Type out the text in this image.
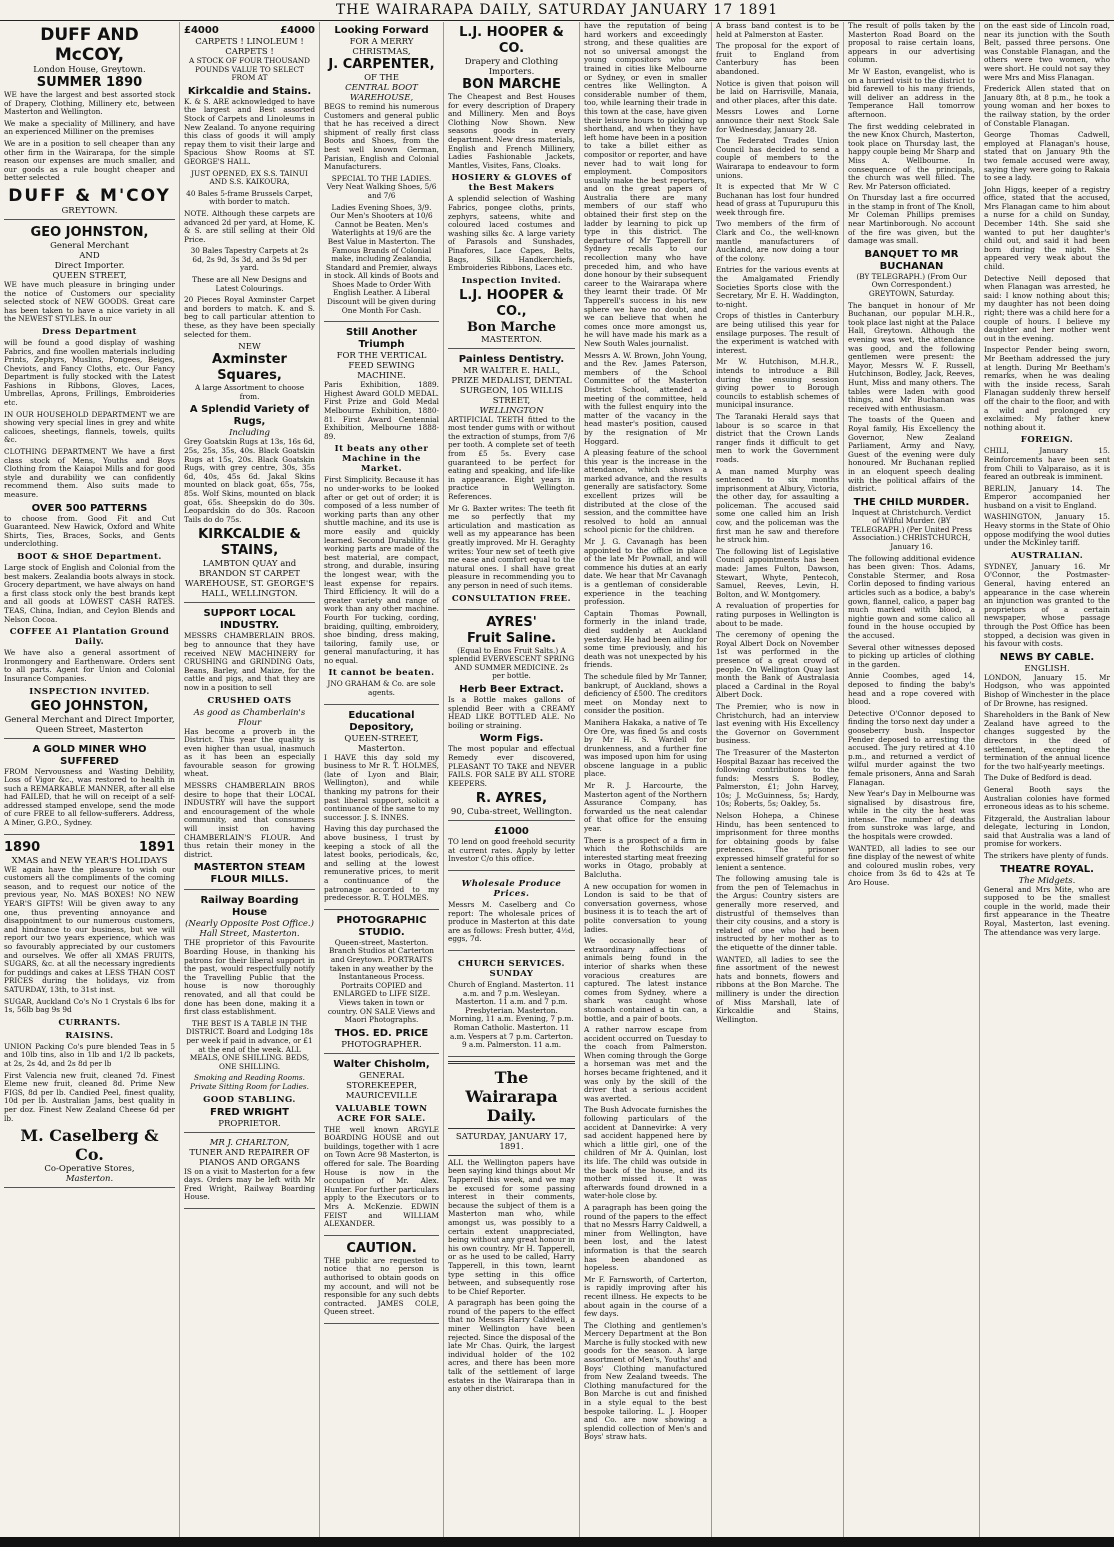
THE WAIRARAPA DAILY, SATURDAY JANUARY 17 1891
DUFF AND McCOY,
London House, Greytown.
SUMMER 1890

WE have the largest and best assorted stock of Drapery, Clothing, Millinery etc, between Masterton and Wellington.

We make a speciality of Millinery, and have an experienced Milliner on the premises

We are in a position to sell cheaper than any other firm in the Wairarapa, for the simple reason our expenses are much smaller, and our goods as a rule bought cheaper and better selected

DUFF & M'COY
GREYTOWN.
GEO JOHNSTON,
General Merchant
AND
Direct Importer.
QUEEN STREET,

WE have much pleasure in bringing under the notice of Customers our speciality selected stock of NEW GOODS. Great care has been taken to have a nice variety in all the NEWEST STYLES. In our

Dress Department

will be found a good display of washing Fabrics, and fine woollen materials including Prints, Zephyrs, Muslins, Pongees, Beiges, Cheviots, and Fancy Cloths, etc. Our Fancy Department is fully stocked with the Latest Fashions in Ribbons, Gloves, Laces, Umbrellas, Aprons, Frillings, Embroideries etc.

IN OUR HOUSEHOLD DEPARTMENT we are showing very special lines in grey and white calicoes, sheetings, flannels, towels, quilts &c.

CLOTHING DEPARTMENT We have a first class stock of Mens, Youths and Boys Clothing from the Kaiapoi Mills and for good style and durability we can confidently recommend them. Also suits made to measure.

OVER 500 PATTERNS

to choose from. Good Fit and Cut Guaranteed. New Hawick, Oxford and White Shirts, Ties, Braces, Socks, and Gents underclothing.

BOOT & SHOE Department.

Large stock of English and Colonial from the best makers. Zealandia boots always in stock. Grocery department, we have always on hand a first class stock only the best brands kept and all goods at LOWEST CASH RATES. TEAS, China, Indian, and Ceylon Blends and Nelson Cocoa.

COFFEE A1 Plantation Ground Daily.

We have also a general assortment of Ironmongery and Earthenware. Orders sent to all parts. Agent for Union and Colonial Insurance Companies.

INSPECTION INVITED.
GEO JOHNSTON,
General Merchant and Direct Importer,
Queen Street, Masterton
A GOLD MINER WHO SUFFERED

FROM Nervousness and Wasting Debility, Loss of Vigor &c., was restored to health in such a REMARKABLE MANNER, after all else had FAILED, that he will on receipt of a self-addressed stamped envelope, send the mode of cure FREE to all fellow-sufferers. Address, A Miner, G.P.O., Sydney.

1890	1891
XMAS and NEW YEAR'S HOLIDAYS

WE again have the pleasure to wish our customers all the compliments of the coming season, and to request our notice of the previous year, No. MAS BOXES! NO NEW YEAR'S GIFTS! Will be given away to any one, thus preventing annoyance and disappointment to our numerous customers, and hindrance to our business, but we will report our two years experience, which was so favourably appreciated by our customers and ourselves. We offer all XMAS FRUITS, SUGARS, &c. at all the necessary ingredients for puddings and cakes at LESS THAN COST PRICES during the holidays, viz from SATURDAY, 13th, to 31st inst.

SUGAR, Auckland Co's No 1 Crystals 6 lbs for 1s, 56lb bag 9s 9d

CURRANTS.
RAISINS.

UNION Packing Co's pure blended Teas in 5 and 10lb tins, also in 1lb and 1/2 lb packets, at 2s, 2s 4d, and 2s 8d per lb

First Valencia new fruit, cleaned 7d. Finest Eleme new fruit, cleaned 8d. Prime New FIGS, 8d per lb. Candied Peel, finest quality, 10d per lb. Australian Jams, best quality in per doz. Finest New Zealand Cheese 6d per lb.

M. Caselberg & Co.
Co-Operative Stores,
Masterton.
£4000	£4000
CARPETS ! LINOLEUM ! CARPETS !

A STOCK OF FOUR THOUSAND POUNDS VALUE TO SELECT FROM AT

Kirkcaldie and Stains.

K. & S. ARE acknowledged to have the largest and Best assorted Stock of Carpets and Linoleums in New Zealand. To anyone requiring this class of goods it will amply repay them to visit their large and Spacious Show Rooms at ST. GEORGE'S HALL.

JUST OPENED, EX S.S. TAINUI AND S.S. KAIKOURA,

40 Bales 5-frame Brussels Carpet, with border to match.

NOTE. Although these carpets are advanced 2d per yard, at Home, K. & S. are still selling at their Old Price.

30 Bales Tapestry Carpets at 2s 6d, 2s 9d, 3s 3d, and 3s 9d per yard.

These are all New Designs and Latest Colourings.

20 Pieces Royal Axminster Carpet and borders to match. K. and S. beg to call particular attention to these, as they have been specially selected for them.

NEW
Axminster Squares,

A large Assortment to choose from.

A Splendid Variety of Rugs,
Including

Grey Goatskin Rugs at 13s, 16s 6d, 25s, 25s, 35s, 40s. Black Goatskin Rugs at 15s, 20s. Black Goatskin Rugs, with grey centre, 30s, 35s 6d, 40s, 45s 6d. Jakal Skins mounted on black goat, 65s, 75s, 85s. Wolf Skins, mounted on black goat, 65s. Sheepskin do do 30s. Leopardskin do do 30s. Racoon Tails do do 75s.

KIRKCALDIE & STAINS,
LAMBTON QUAY and BRANDON ST CARPET WAREHOUSE, ST. GEORGE'S HALL, WELLINGTON.
SUPPORT LOCAL INDUSTRY.

MESSRS CHAMBERLAIN BROS. beg to announce that they have received NEW MACHINERY for CRUSHING and GRINDING Oats, Beans, Barley, and Maize, for the cattle and pigs, and that they are now in a position to sell

CRUSHED OATS
As good as Chamberlain's Flour

Has become a proverb in the District. This year the quality is even higher than usual, inasmuch as it has been an especially favourable season for growing wheat.

MESSRS CHAMBERLAIN BROS desire to hope that their LOCAL INDUSTRY will have the support and encouragement of the whole community, and that consumers will insist on having CHAMBERLAIN'S FLOUR. And thus retain their money in the district.

MASTERTON STEAM FLOUR MILLS.
Railway Boarding House
(Nearly Opposite Post Office.) Hall Street, Masterton.

THE proprietor of this Favourite Boarding House, in thanking his patrons for their liberal support in the past, would respectfully notify the Travelling Public that the house is now thoroughly renovated, and all that could be done has been done, making it a first class establishment.

THE BEST IS A TABLE IN THE DISTRICT. Board and Lodging 18s per week if paid in advance, or £1 at the end of the week. ALL MEALS, ONE SHILLING. BEDS, ONE SHILLING.

Smoking and Reading Rooms. Private Sitting Room for Ladies.

GOOD STABLING.
FRED WRIGHT
PROPRIETOR.
MR J. CHARLTON,
TUNER AND REPAIRER OF PIANOS AND ORGANS

IS on a visit to Masterton for a few days. Orders may be left with Mr Fred Wright, Railway Boarding House.

Looking Forward
FOR A MERRY CHRISTMAS,
J. CARPENTER,
OF THE
CENTRAL BOOT WAREHOUSE,

BEGS to remind his numerous Customers and general public that he has received a direct shipment of really first class Boots and Shoes, from the best well known German, Parisian, English and Colonial Manufacturers.

SPECIAL TO THE LADIES. Very Neat Walking Shoes, 5/6 and 7/6

Ladies Evening Shoes, 3/9. Our Men's Shooters at 10/6 Cannot be Beaten. Men's Waterlights at 19/6 are the Best Value in Masterton. The Famous Brands of Colonial make, including Zealandia, Standard and Premier, always in stock. All kinds of Boots and Shoes Made to Order With English Leather. A Liberal Discount will be given during One Month For Cash.

Still Another Triumph
FOR THE VERTICAL FEED SEWING MACHINE.

Paris Exhibition, 1889. Highest Award GOLD MEDAL. First Prize and Gold Medal Melbourne Exhibition, 1880-81. First Award Centennial Exhibition, Melbourne 1888-89.

It beats any other Machine in the Market.

First Simplicity. Because it has no under-works to be looked after or get out of order; it is composed of a less number of working parts than any other shuttle machine, and its use is more easily and quickly learned. Second Durability. Its working parts are made of the best material, are compact, strong, and durable, insuring the longest wear, with the least expense for repairs. Third Efficiency. It will do a greater variety and range of work than any other machine. Fourth For tucking, cording, braiding, quilting, embroidery, shoe binding, dress making, tailoring, family use, or general manufacturing, it has no equal.

It cannot be beaten.

JNO GRAHAM & Co. are sole agents.

Educational Depository,
QUEEN-STREET, Masterton.

I HAVE this day sold my business to Mr R. T. HOLMES, (late of Lyon and Blair, Wellington), and while thanking my patrons for their past liberal support, solicit a continuance of the same to my successor. J. S. INNES.

Having this day purchased the above business, I trust by keeping a stock of all the latest books, periodicals, &c, and selling at the lowest remunerative prices, to merit a continuance of the patronage accorded to my predecessor. R. T. HOLMES.

PHOTOGRAPHIC STUDIO.

Queen-street, Masterton. Branch Studios at Carterton and Greytown. PORTRAITS taken in any weather by the Instantaneous Process. Portraits COPIED and ENLARGED to LIFE SIZE. Views taken in town or country. ON SALE Views and Maori Photographs.

THOS. ED. PRICE
PHOTOGRAPHER.
Walter Chisholm,
GENERAL STOREKEEPER, MAURICEVILLE
VALUABLE TOWN ACRE FOR SALE.

THE well known ARGYLE BOARDING HOUSE and out buildings, together with 1 acre on Town Acre 98 Masterton, is offered for sale. The Boarding House is now in the occupation of Mr. Alex. Hunter. For further particulars apply to the Executors or to Mrs A. McKenzie. EDWIN FEIST and WILLIAM ALEXANDER.

CAUTION.

THE public are requested to notice that no person is authorised to obtain goods on my account, and will not be responsible for any such debts contracted. JAMES COLE, Queen street.

L.J. HOOPER & CO.
Drapery and Clothing Importers.
BON MARCHE

The Cheapest and Best Houses for every description of Drapery and Millinery. Men and Boys Clothing Now Shown. New seasons goods in every department. New dress materials, English and French Millinery, Ladies Fashionable Jackets, Mantles, Visites, Fans, Cloaks.

HOSIERY & GLOVES of the Best Makers

A splendid selection of Washing Fabrics, pongee cloths, prints, zephyrs, sateens, white and coloured laced costumes and washing silks &c. A large variety of Parasols and Sunshades, Pinafores, Lace Capes, Belts, Bags, Silk Handkerchiefs, Embroideries Ribbons, Laces etc.

Inspection Invited.
L.J. HOOPER & CO.,
Bon Marche
MASTERTON.
Painless Dentistry.
MR WALTER E. HALL,
PRIZE MEDALIST, DENTAL SURGEON, 105 WILLIS STREET,
WELLINGTON

ARTIFICIAL TEETH fitted to the most tender gums with or without the extraction of stumps, from 7/6 per tooth. A complete set of teeth from £5 5s. Every case guaranteed to be perfect for eating and speaking, and life-like in appearance. Eight years in practice in Wellington. References.

Mr G. Baxter writes: The teeth fit me so perfectly that my articulation and mastication as well as my appearance has been greatly improved. Mr H. Geraghty writes: Your new set of teeth give me ease and comfort equal to the natural ones. I shall have great pleasure in recommending you to any person in need of such items.

CONSULTATION FREE.
AYRES'
Fruit Saline.

(Equal to Enos Fruit Salts.) A splendid EVERVESCENT SPRING AND SUMMER MEDICINE. 2s per bottle.

Herb Beer Extract.

Is a Bottle makes gallons of splendid Beer with a CREAMY HEAD LIKE BOTTLED ALE. No boiling or straining.

Worm Figs.

The most popular and effectual Remedy ever discovered, PLEASANT TO TAKE and NEVER FAILS. FOR SALE BY ALL STORE KEEPERS.

R. AYRES,
90, Cuba-street, Wellington.
£1000

TO lend on good freehold security at current rates. Apply by letter Investor C/o this office.

Wholesale Produce Prices.

Messrs M. Caselberg and Co report: The wholesale prices of produce in Masterton at this date are as follows: Fresh butter, 4½d, eggs, 7d.

CHURCH SERVICES. SUNDAY

Church of England. Masterton. 11 a.m. and 7 p.m. Wesleyan. Masterton. 11 a.m. and 7 p.m. Presbyterian. Masterton. Morning, 11 a.m. Evening, 7 p.m. Roman Catholic. Masterton. 11 a.m. Vespers at 7 p.m. Carterton. 9 a.m. Palmerston. 11 a.m.

The Wairarapa Daily.
SATURDAY, JANUARY 17, 1891.

ALL the Wellington papers have been saying kind things about Mr Tapperell this week, and we may be excused for some passing interest in their comments, because the subject of them is a Masterton man who, while amongst us, was possibly to a certain extent unappreciated, being without any great honour in his own country. Mr H. Tapperell, or as he used to be called, Harry Tapperell, in this town, learnt type setting in this office between, and subsequently rose to be Chief Reporter.

A paragraph has been going the round of the papers to the effect that no Messrs Harry Caldwell, a miner Wellington have been rejected. Since the disposal of the late Mr Chas. Quirk, the largest individual holder of the 102 acres, and there has been more talk of the settlement of large estates in the Wairarapa than in any other district.

have the reputation of being hard workers and exceedingly strong, and these qualities are not so universal amongst the young compositors who are trained in cities like Melbourne or Sydney, or even in smaller centres like Wellington. A considerable number of them, too, while learning their trade in this town at the case, have given their leisure hours to picking up shorthand, and when they have left home have been in a position to take a billet either as compositor or reporter, and have never had to wait long for employment. Compositors usually make the best reporters, and on the great papers of Australia there are many members of our staff who obtained their first step on the ladder by learning to pick up type in this district. The departure of Mr Tapperell for Sydney recalls to our recollection many who have preceded him, and who have done honour by their subsequent career to the Wairarapa where they learnt their trade. Of Mr Tapperell's success in his new sphere we have no doubt, and we can believe that when he comes once more amongst us, he will have made his mark as a New South Wales journalist.

Messrs A. W. Brown, John Young, and the Rev. James Paterson, members of the School Committee of the Masterton District School, attended a meeting of the committee, held with the fullest enquiry into the matter of the vacancy in the head master's position, caused by the resignation of Mr Hoggard.

A pleasing feature of the school this year is the increase in the attendance, which shows a marked advance, and the results generally are satisfactory. Some excellent prizes will be distributed at the close of the session, and the committee have resolved to hold an annual school picnic for the children.

Mr J. G. Cavanagh has been appointed to the office in place of the late Mr Pownall, and will commence his duties at an early date. We hear that Mr Cavanagh is a gentleman of considerable experience in the teaching profession.

Captain Thomas Pownall, formerly in the inland trade, died suddenly at Auckland yesterday. He had been ailing for some time previously, and his death was not unexpected by his friends.

The schedule filed by Mr Tanner, bankrupt, of Auckland, shows a deficiency of £500. The creditors meet on Monday next to consider the position.

Manihera Hakaka, a native of Te Ore Ore, was fined 5s and costs by Mr H. S. Wardell for drunkenness, and a further fine was imposed upon him for using obscene language in a public place.

Mr R. J. Harcourte, the Masterton agent of the Northern Assurance Company, has forwarded us the neat calendar of that office for the ensuing year.

There is a prospect of a firm in which the Rothschilds are interested starting meat freezing works in Otago, probably at Balclutha.

A new occupation for women in London is said to be that of conversation governess, whose business it is to teach the art of polite conversation to young ladies.

We occasionally hear of extraordinary affections of animals being found in the interior of sharks when these voracious creatures are captured. The latest instance comes from Sydney, where a shark was caught whose stomach contained a tin can, a bottle, and a pair of boots.

A rather narrow escape from accident occurred on Tuesday to the coach from Palmerston. When coming through the Gorge a horseman was met and the horses became frightened, and it was only by the skill of the driver that a serious accident was averted.

The Bush Advocate furnishes the following particulars of the accident at Dannevirke: A very sad accident happened here by which a little girl, one of the children of Mr A. Quinlan, lost its life. The child was outside in the back of the house, and its mother missed it. It was afterwards found drowned in a water-hole close by.

A paragraph has been going the round of the papers to the effect that no Messrs Harry Caldwell, a miner from Wellington, have been lost, and the latest information is that the search has been abandoned as hopeless.

Mr F. Farnsworth, of Carterton, is rapidly improving after his recent illness. He expects to be about again in the course of a few days.

The Clothing and gentlemen's Mercery Department at the Bon Marche is fully stocked with new goods for the season. A large assortment of Men's, Youths' and Boys' Clothing manufactured from New Zealand tweeds. The Clothing manufactured for the Bon Marche is cut and finished in a style equal to the best bespoke tailoring. L. J. Hooper and Co. are now showing a splendid collection of Men's and Boys' straw hats.

A brass band contest is to be held at Palmerston at Easter.

The proposal for the export of fruit to England from Canterbury has been abandoned.

Notice is given that poison will be laid on Harrisville, Manaia, and other places, after this date.

Messrs Lowes and Lorne announce their next Stock Sale for Wednesday, January 28.

The Federated Trades Union Council has decided to send a couple of members to the Wairarapa to endeavour to form unions.

It is expected that Mr W C Buchanan has lost four hundred head of grass at Tupurupuru this week through fire.

Two members of the firm of Clark and Co., the well-known mantle manufacturers of Auckland, are now doing a tour of the colony.

Entries for the various events at the Amalgamated Friendly Societies Sports close with the Secretary, Mr E. H. Waddington, to-night.

Crops of thistles in Canterbury are being utilised this year for ensilage purposes. The result of the experiment is watched with interest.

Mr W. Hutchison, M.H.R., intends to introduce a Bill during the ensuing session giving power to Borough councils to establish schemes of municipal insurance.

The Taranaki Herald says that labour is so scarce in that district that the Crown Lands ranger finds it difficult to get men to work the Government roads.

A man named Murphy was sentenced to six months imprisonment at Albury, Victoria, the other day, for assaulting a policeman. The accused said some one called him an Irish cow, and the policeman was the first man he saw and therefore he struck him.

The following list of Legislative Council appointments has been made: James Fulton, Dawson, Stewart, Whyte, Pentecoh, Samuel, Reeves, Levin, H. Bolton, and W. Montgomery.

A revaluation of properties for rating purposes in Wellington is about to be made.

The ceremony of opening the Royal Albert Dock on November 1st was performed in the presence of a great crowd of people. On Wellington Quay last month the Bank of Australasia placed a Cardinal in the Royal Albert Dock.

The Premier, who is now in Christchurch, had an interview last evening with His Excellency the Governor on Government business.

The Treasurer of the Masterton Hospital Bazaar has received the following contributions to the funds: Messrs S. Bodley, Palmerston, £1; John Harvey, 10s; J. McGuinness, 5s; Hardy, 10s; Roberts, 5s; Oakley, 5s.

Nelson Hohepa, a Chinese Hindu, has been sentenced to imprisonment for three months for obtaining goods by false pretences. The prisoner expressed himself grateful for so lenient a sentence.

The following amusing tale is from the pen of Telemachus in the Argus: Country sisters are generally more reserved, and distrustful of themselves than their city cousins, and a story is related of one who had been instructed by her mother as to the etiquette of the dinner table.

WANTED, all ladies to see the fine assortment of the newest hats and bonnets, flowers and ribbons at the Bon Marche. The millinery is under the direction of Miss Marshall, late of Kirkcaldie and Stains, Wellington.

The result of polls taken by the Masterton Road Board on the proposal to raise certain loans, appears in our advertising column.

Mr W Easton, evangelist, who is on a hurried visit to the district to bid farewell to his many friends, will deliver an address in the Temperance Hall tomorrow afternoon.

The first wedding celebrated in the new Knox Church, Masterton, took place on Thursday last, the happy couple being Mr Sharp and Miss A. Wellbourne. In consequence of the principals, the church was well filled. The Rev. Mr Paterson officiated.

On Thursday last a fire occurred in the stamp in front of The Knoll, Mr Coleman Phillips premises near Martinborough. No account of the fire was given, but the damage was small.

BANQUET TO MR BUCHANAN

(BY TELEGRAPH.) (From Our Own Correspondent.) GREYTOWN, Saturday.

The banquet in honour of Mr Buchanan, our popular M.H.R., took place last night at the Palace Hall, Greytown. Although the evening was wet, the attendance was good, and the following gentlemen were present: the Mayor, Messrs W. F. Russell, Hutchinson, Bodley, Jack, Reeves, Hunt, Miss and many others. The tables were laden with good things, and Mr Buchanan was received with enthusiasm.

The toasts of the Queen and Royal family, His Excellency the Governor, New Zealand Parliament, Army and Navy, Guest of the evening were duly honoured. Mr Buchanan replied in an eloquent speech dealing with the political affairs of the district.

THE CHILD MURDER.

Inquest at Christchurch. Verdict of Wilful Murder. (BY TELEGRAPH.) (Per United Press Association.) CHRISTCHURCH, January 16.

The following additional evidence has been given: Thos. Adams, Constable Stermer, and Rosa Corlin deposed to finding various articles such as a bodice, a baby's gown, flannel, calico, a paper bag much marked with blood, a nightie gown and some calico all found in the house occupied by the accused.

Several other witnesses deposed to picking up articles of clothing in the garden.

Annie Coombes, aged 14, deposed to finding the baby's head and a rope covered with blood.

Detective O'Connor deposed to finding the torso next day under a gooseberry bush. Inspector Pender deposed to arresting the accused. The jury retired at 4.10 p.m., and returned a verdict of wilful murder against the two female prisoners, Anna and Sarah Flanagan.

New Year's Day in Melbourne was signalised by disastrous fire, while in the city the heat was intense. The number of deaths from sunstroke was large, and the hospitals were crowded.

WANTED, all ladies to see our fine display of the newest of white and coloured muslin robes, very choice from 3s 6d to 42s at Te Aro House.

on the east side of Lincoln road, near its junction with the South Belt, passed three persons. One was Constable Flanagan, and the others were two women, who were short. He could not say they were Mrs and Miss Flanagan.

Frederick Allen stated that on January 8th, at 8 p.m., he took a young woman and her boxes to the railway station, by the order of Constable Flanagan.

George Thomas Cadwell, employed at Flanagan's house, stated that on January 9th the two female accused were away, saying they were going to Rakaia to see a lady.

John Higgs, keeper of a registry office, stated that the accused, Mrs Flanagan came to him about a nurse for a child on Sunday, December 14th. She said she wanted to put her daughter's child out, and said it had been born during the night. She appeared very weak about the child.

Detective Neill deposed that when Flanagan was arrested, he said: I know nothing about this; my daughter has not been doing right; there was a child here for a couple of hours. I believe my daughter and her mother went out in the evening.

Inspector Pender being sworn, Mr Beetham addressed the jury at length. During Mr Beetham's remarks, when he was dealing with the inside recess, Sarah Flanagan suddenly threw herself off the chair to the floor, and with a wild and prolonged cry exclaimed: My father knew nothing about it.

FOREIGN.

CHILI, January 15. Reinforcements have been sent from Chili to Valparaiso, as it is feared an outbreak is imminent.

BERLIN, January 14. The Emperor accompanied her husband on a visit to England.

WASHINGTON, January 15. Heavy storms in the State of Ohio oppose modifying the wool duties under the McKinley tariff.

AUSTRALIAN.

SYDNEY, January 16. Mr O'Connor, the Postmaster-General, having entered an appearance in the case wherein an injunction was granted to the proprietors of a certain newspaper, whose passage through the Post Office has been stopped, a decision was given in his favour with costs.

NEWS BY CABLE.
ENGLISH.

LONDON, January 15. Mr Hodgson, who was appointed Bishop of Winchester in the place of Dr Browne, has resigned.

Shareholders in the Bank of New Zealand have agreed to the changes suggested by the directors in the deed of settlement, excepting the termination of the annual licence for the two half-yearly meetings.

The Duke of Bedford is dead.

General Booth says the Australian colonies have formed erroneous ideas as to his scheme.

Fitzgerald, the Australian labour delegate, lecturing in London, said that Australia was a land of promise for workers.

The strikers have plenty of funds.

THEATRE ROYAL.
The Midgets.

General and Mrs Mite, who are supposed to be the smallest couple in the world, made their first appearance in the Theatre Royal, Masterton, last evening. The attendance was very large.
